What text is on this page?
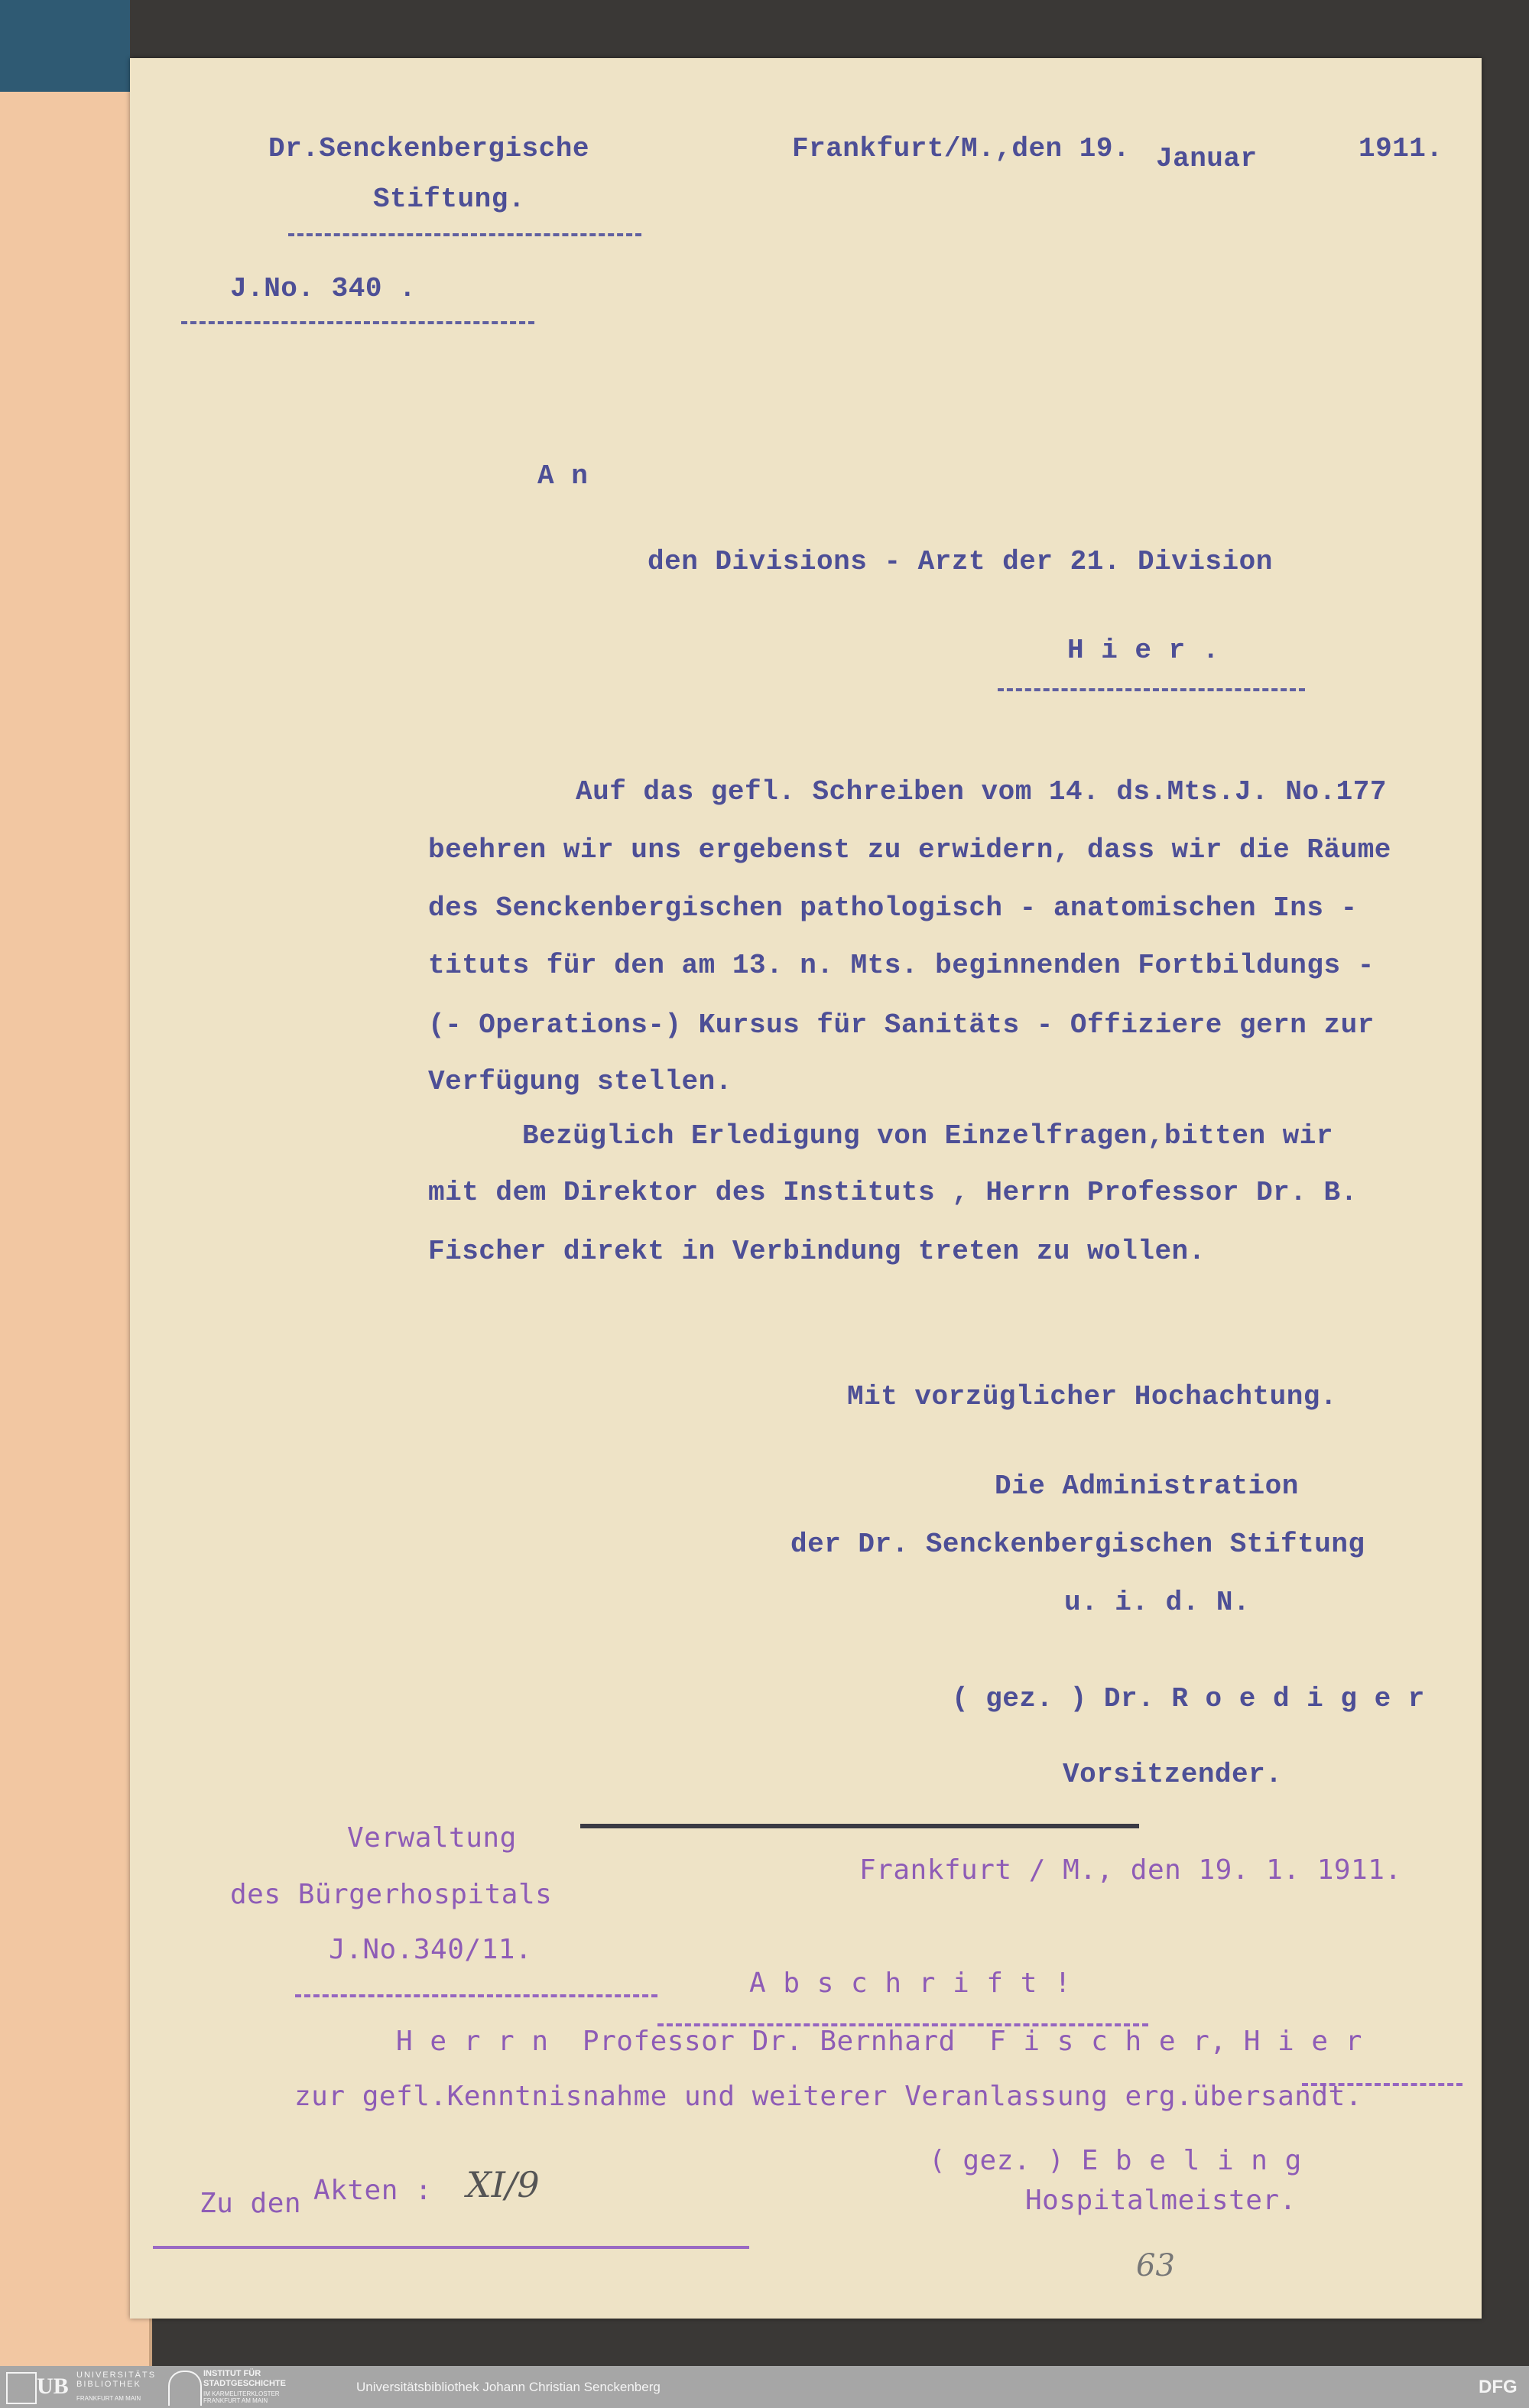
Dr.Senckenbergische
Stiftung.
J.No. 340 .
Frankfurt/M.,den 19. Januar	1911.
A n
den Divisions - Arzt der 21. Division
H i e r .
Auf das gefl. Schreiben vom 14. ds.Mts.J. No.177
beehren wir uns ergebenst zu erwidern, dass wir die Räume
des Senckenbergischen pathologisch - anatomischen Ins -
tituts für den am 13. n. Mts. beginnenden Fortbildungs -
(- Operations-) Kursus für Sanitäts - Offiziere gern zur
Verfügung stellen.
Bezüglich Erledigung von Einzelfragen,bitten wir
mit dem Direktor des Instituts , Herrn Professor Dr. B.
Fischer direkt in Verbindung treten zu wollen.
Mit vorzüglicher Hochachtung.
Die Administration
der Dr. Senckenbergischen Stiftung
u. i. d. N.
( gez. ) Dr. R o e d i g e r
Vorsitzender.
Verwaltung
des Bürgerhospitals
Frankfurt / M., den 19. 1. 1911.
J.No.340/11.
A b s c h r i f t !
H e r r n  Professor Dr. Bernhard  F i s c h e r, H i e r
zur gefl.Kenntnisnahme und weiterer Veranlassung erg.übersandt.
( gez. ) E b e l i n g
Zu den Akten : XI/9	Hospitalmeister.
63
UB UNIVERSITÄTS BIBLIOTHEK
FRANKFURT AM MAIN
INSTITUT FÜR
STADTGESCHICHTE
IM KARMELITERKLOSTER FRANKFURT AM MAIN
Universitätsbibliothek Johann Christian Senckenberg	DFG
